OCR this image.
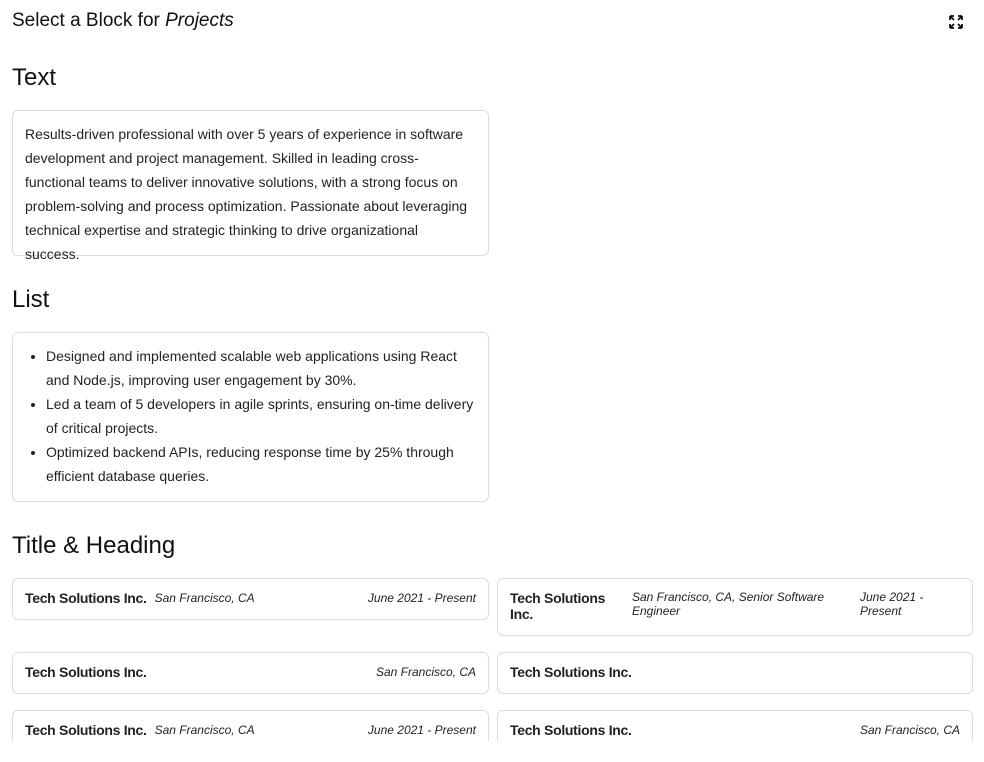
Select a Block for Projects
Text
Results-driven professional with over 5 years of experience in software development and project management. Skilled in leading cross-functional teams to deliver innovative solutions, with a strong focus on problem-solving and process optimization. Passionate about leveraging technical expertise and strategic thinking to drive organizational success.
List
• Designed and implemented scalable web applications using React and Node.js, improving user engagement by 30%.
• Led a team of 5 developers in agile sprints, ensuring on-time delivery of critical projects.
• Optimized backend APIs, reducing response time by 25% through efficient database queries.
Title & Heading
Tech Solutions Inc. San Francisco, CA	June 2021 - Present Tech Solutions Inc.
San Francisco, CA, Senior Software Engineer
June 2021 - Present
Tech Solutions Inc.	San Francisco, CA Tech Solutions Inc.
Tech Solutions Inc. San Francisco, CA	June 2021 - Present Tech Solutions Inc.	San Francisco, CA
